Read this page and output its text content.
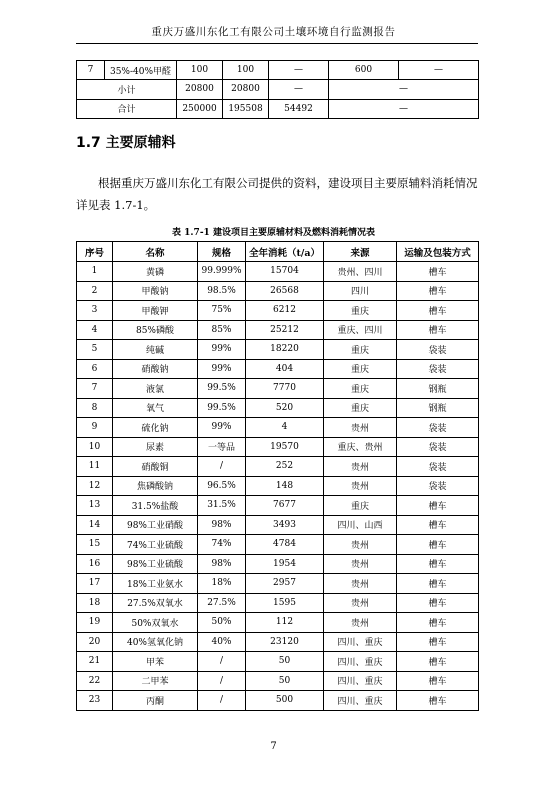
重庆万盛川东化工有限公司土壤环境自行监测报告
7	35%-40%甲醛	100	100	—	600	—
小计		20800	20800	—	—	
合计		250000	195508	54492	—	
1.7 主要原辅料

根据重庆万盛川东化工有限公司提供的资料，建设项目主要原辅料消耗情况详见表 1.7-1。

表 1.7-1 建设项目主要原辅材料及燃料消耗情况表
序号	名称	规格	全年消耗（t/a）	来源	运输及包装方式
1	黄磷	99.999%	15704	贵州、四川	槽车
2	甲酸钠	98.5%	26568	四川	槽车
3	甲酸钾	75%	6212	重庆	槽车
4	85%磷酸	85%	25212	重庆、四川	槽车
5	纯碱	99%	18220	重庆	袋装
6	硝酸钠	99%	404	重庆	袋装
7	液氯	99.5%	7770	重庆	钢瓶
8	氧气	99.5%	520	重庆	钢瓶
9	硫化钠	99%	4	贵州	袋装
10	尿素	一等品	19570	重庆、贵州	袋装
11	硝酸铜	/	252	贵州	袋装
12	焦磷酸钠	96.5%	148	贵州	袋装
13	31.5%盐酸	31.5%	7677	重庆	槽车
14	98%工业硝酸	98%	3493	四川、山西	槽车
15	74%工业硫酸	74%	4784	贵州	槽车
16	98%工业硫酸	98%	1954	贵州	槽车
17	18%工业氨水	18%	2957	贵州	槽车
18	27.5%双氧水	27.5%	1595	贵州	槽车
19	50%双氧水	50%	112	贵州	槽车
20	40%氢氧化钠	40%	23120	四川、重庆	槽车
21	甲苯	/	50	四川、重庆	槽车
22	二甲苯	/	50	四川、重庆	槽车
23	丙酮	/	500	四川、重庆	槽车
7
